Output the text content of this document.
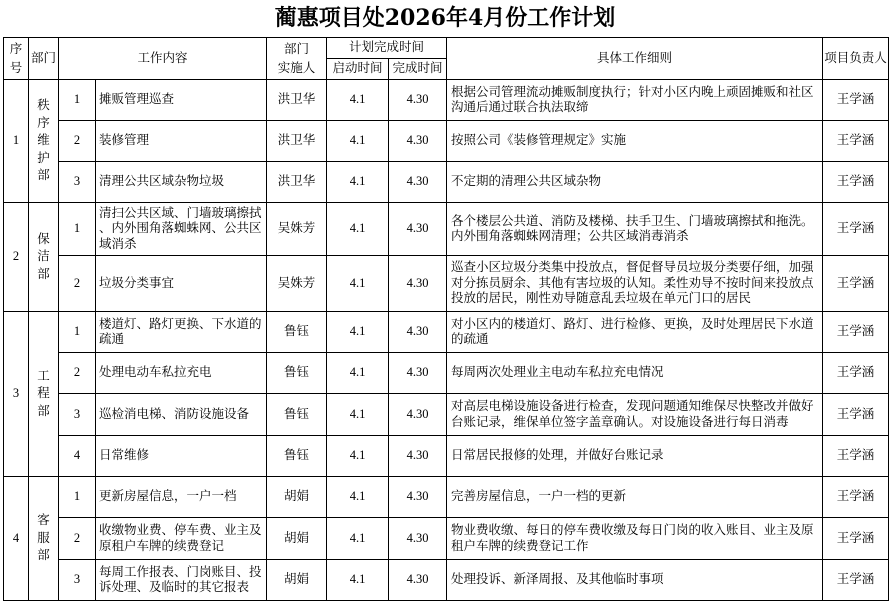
蔺惠项目处2026年4月份工作计划
序号	部门	工作内容		部门
实施人	计划完成时间		具体工作细则	项目负责人
					启动时间	完成时间		
1	秩序维护部	1	摊贩管理巡查	洪卫华	4.1	4.30	根据公司管理流动摊贩制度执行；针对小区内晚上顽固摊贩和社区沟通后通过联合执法取缔	王学涵
		2	装修管理	洪卫华	4.1	4.30	按照公司《装修管理规定》实施	王学涵
		3	清理公共区域杂物垃圾	洪卫华	4.1	4.30	不定期的清理公共区域杂物	王学涵
2	保洁部	1	清扫公共区域、门墙玻璃擦拭、内外围角落蜘蛛网、公共区域消杀	吴姝芳	4.1	4.30	各个楼层公共道、消防及楼梯、扶手卫生、门墙玻璃擦拭和拖洗。内外围角落蜘蛛网清理；公共区域消毒消杀	王学涵
		2	垃圾分类事宜	吴姝芳	4.1	4.30	巡查小区垃圾分类集中投放点，督促督导员垃圾分类要仔细，加强对分拣员厨余、其他有害垃圾的认知。柔性劝导不按时间来投放点投放的居民，刚性劝导随意乱丢垃圾在单元门口的居民	王学涵
3	工程部	1	楼道灯、路灯更换、下水道的疏通	鲁钰	4.1	4.30	对小区内的楼道灯、路灯、进行检修、更换，及时处理居民下水道的疏通	王学涵
		2	处理电动车私拉充电	鲁钰	4.1	4.30	每周两次处理业主电动车私拉充电情况	王学涵
		3	巡检消电梯、消防设施设备	鲁钰	4.1	4.30	对高层电梯设施设备进行检查，发现问题通知维保尽快整改并做好台账记录，维保单位签字盖章确认。对设施设备进行每日消毒	王学涵
		4	日常维修	鲁钰	4.1	4.30	日常居民报修的处理，并做好台账记录	王学涵
4	客服部	1	更新房屋信息，一户一档	胡娟	4.1	4.30	完善房屋信息，一户一档的更新	王学涵
		2	收缴物业费、停车费、业主及原租户车牌的续费登记	胡娟	4.1	4.30	物业费收缴、每日的停车费收缴及每日门岗的收入账目、业主及原租户车牌的续费登记工作	王学涵
		3	每周工作报表、门岗账目、投诉处理、及临时的其它报表	胡娟	4.1	4.30	处理投诉、新泽周报、及其他临时事项	王学涵
